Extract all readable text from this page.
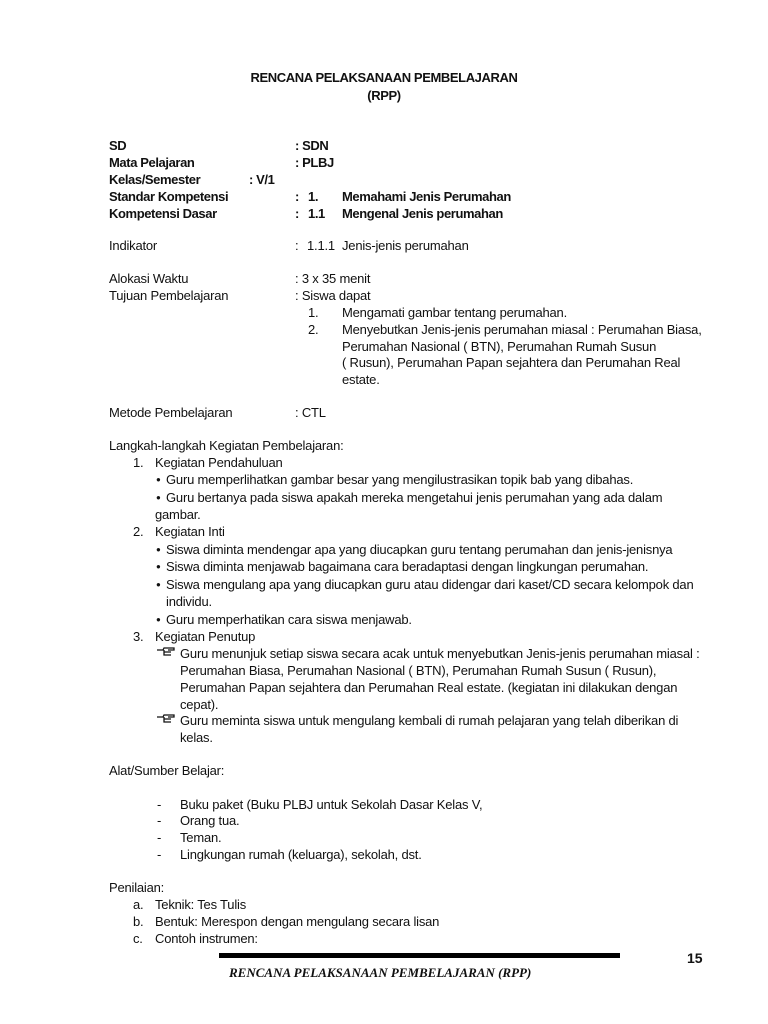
RENCANA PELAKSANAAN PEMBELAJARAN
(RPP)
SD	: SDN
Mata Pelajaran	: PLBJ
Kelas/Semester	: V/1
Standar Kompetensi	: 1. Memahami Jenis Perumahan
Kompetensi Dasar	: 1.1 Mengenal Jenis perumahan
Indikator	: 1.1.1 Jenis-jenis perumahan
Alokasi Waktu	: 3 x 35 menit
Tujuan Pembelajaran	: Siswa dapat
1. Mengamati gambar tentang perumahan.
2. Menyebutkan Jenis-jenis perumahan miasal : Perumahan Biasa,
Perumahan Nasional ( BTN), Perumahan Rumah Susun
( Rusun), Perumahan Papan sejahtera dan Perumahan Real
estate.
Metode Pembelajaran	: CTL
Langkah-langkah Kegiatan Pembelajaran:
1. Kegiatan Pendahuluan
● Guru memperlihatkan gambar besar yang mengilustrasikan topik bab yang dibahas.
● Guru bertanya pada siswa apakah mereka mengetahui jenis perumahan yang ada dalam
gambar.
2. Kegiatan Inti
● Siswa diminta mendengar apa yang diucapkan guru tentang perumahan dan jenis-jenisnya
● Siswa diminta menjawab bagaimana cara beradaptasi dengan lingkungan perumahan.
● Siswa mengulang apa yang diucapkan guru atau didengar dari kaset/CD secara kelompok dan
individu.
● Guru memperhatikan cara siswa menjawab.
3. Kegiatan Penutup
Guru menunjuk setiap siswa secara acak untuk menyebutkan Jenis-jenis perumahan miasal :
Perumahan Biasa, Perumahan Nasional ( BTN), Perumahan Rumah Susun ( Rusun),
Perumahan Papan sejahtera dan Perumahan Real estate. (kegiatan ini dilakukan dengan
cepat).
Guru meminta siswa untuk mengulang kembali di rumah pelajaran yang telah diberikan di
kelas.
Alat/Sumber Belajar:
- Buku paket (Buku PLBJ untuk Sekolah Dasar Kelas V,
- Orang tua.
- Teman.
- Lingkungan rumah (keluarga), sekolah, dst.
Penilaian:
a. Teknik: Tes Tulis
b. Bentuk: Merespon dengan mengulang secara lisan
c. Contoh instrumen:
15
RENCANA PELAKSANAAN PEMBELAJARAN (RPP)
